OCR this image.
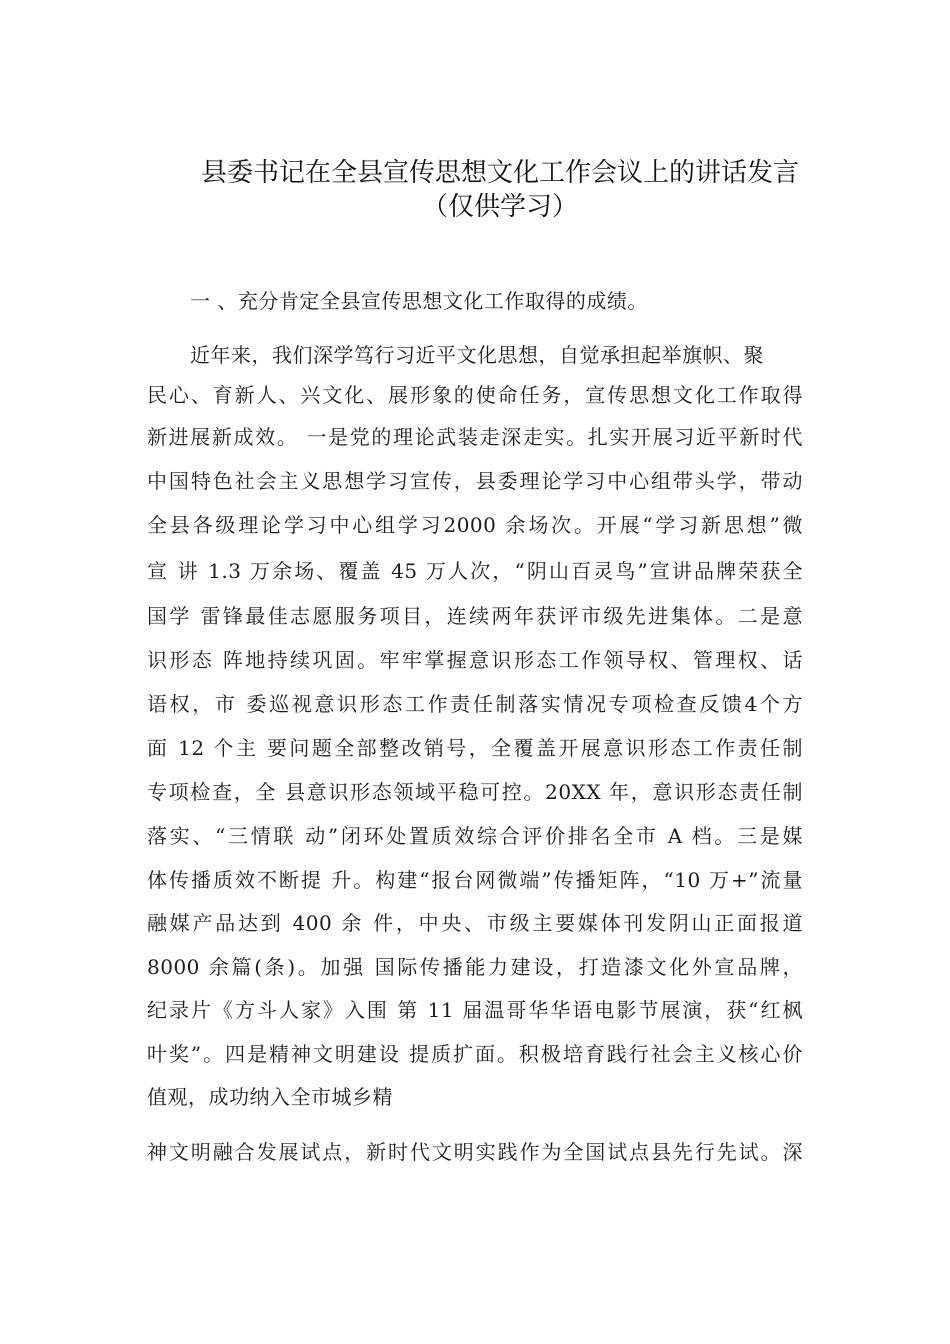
县委书记在全县宣传思想文化工作会议上的讲话发言
（仅供学习）
一 、充分肯定全县宣传思想文化工作取得的成绩。
近年来，我们深学笃行习近平文化思想，自觉承担起举旗帜、聚
民心、育新人、兴文化、展形象的使命任务，宣传思想文化工作取得
新进展新成效。 一是党的理论武装走深走实。扎实开展习近平新时代
中国特色社会主义思想学习宣传，县委理论学习中心组带头学，带动
全县各级理论学习中心组学习2000 余场次。开展“学习新思想”微
宣 讲 1.3 万余场、覆盖 45 万人次，“阴山百灵鸟”宣讲品牌荣获全
国学 雷锋最佳志愿服务项目，连续两年获评市级先进集体。二是意
识形态 阵地持续巩固。牢牢掌握意识形态工作领导权、管理权、话
语权，市 委巡视意识形态工作责任制落实情况专项检查反馈4个方
面 12 个主 要问题全部整改销号，全覆盖开展意识形态工作责任制
专项检查，全 县意识形态领域平稳可控。20XX 年，意识形态责任制
落实、“三情联 动”闭环处置质效综合评价排名全市 A 档。三是媒
体传播质效不断提 升。构建“报台网微端”传播矩阵，“10 万+”流量
融媒产品达到 400 余 件，中央、市级主要媒体刊发阴山正面报道
8000 余篇(条)。加强 国际传播能力建设，打造漆文化外宣品牌，
纪录片《方斗人家》入围 第 11 届温哥华华语电影节展演，获“红枫
叶奖”。四是精神文明建设 提质扩面。积极培育践行社会主义核心价
值观，成功纳入全市城乡精
神文明融合发展试点，新时代文明实践作为全国试点县先行先试。深
